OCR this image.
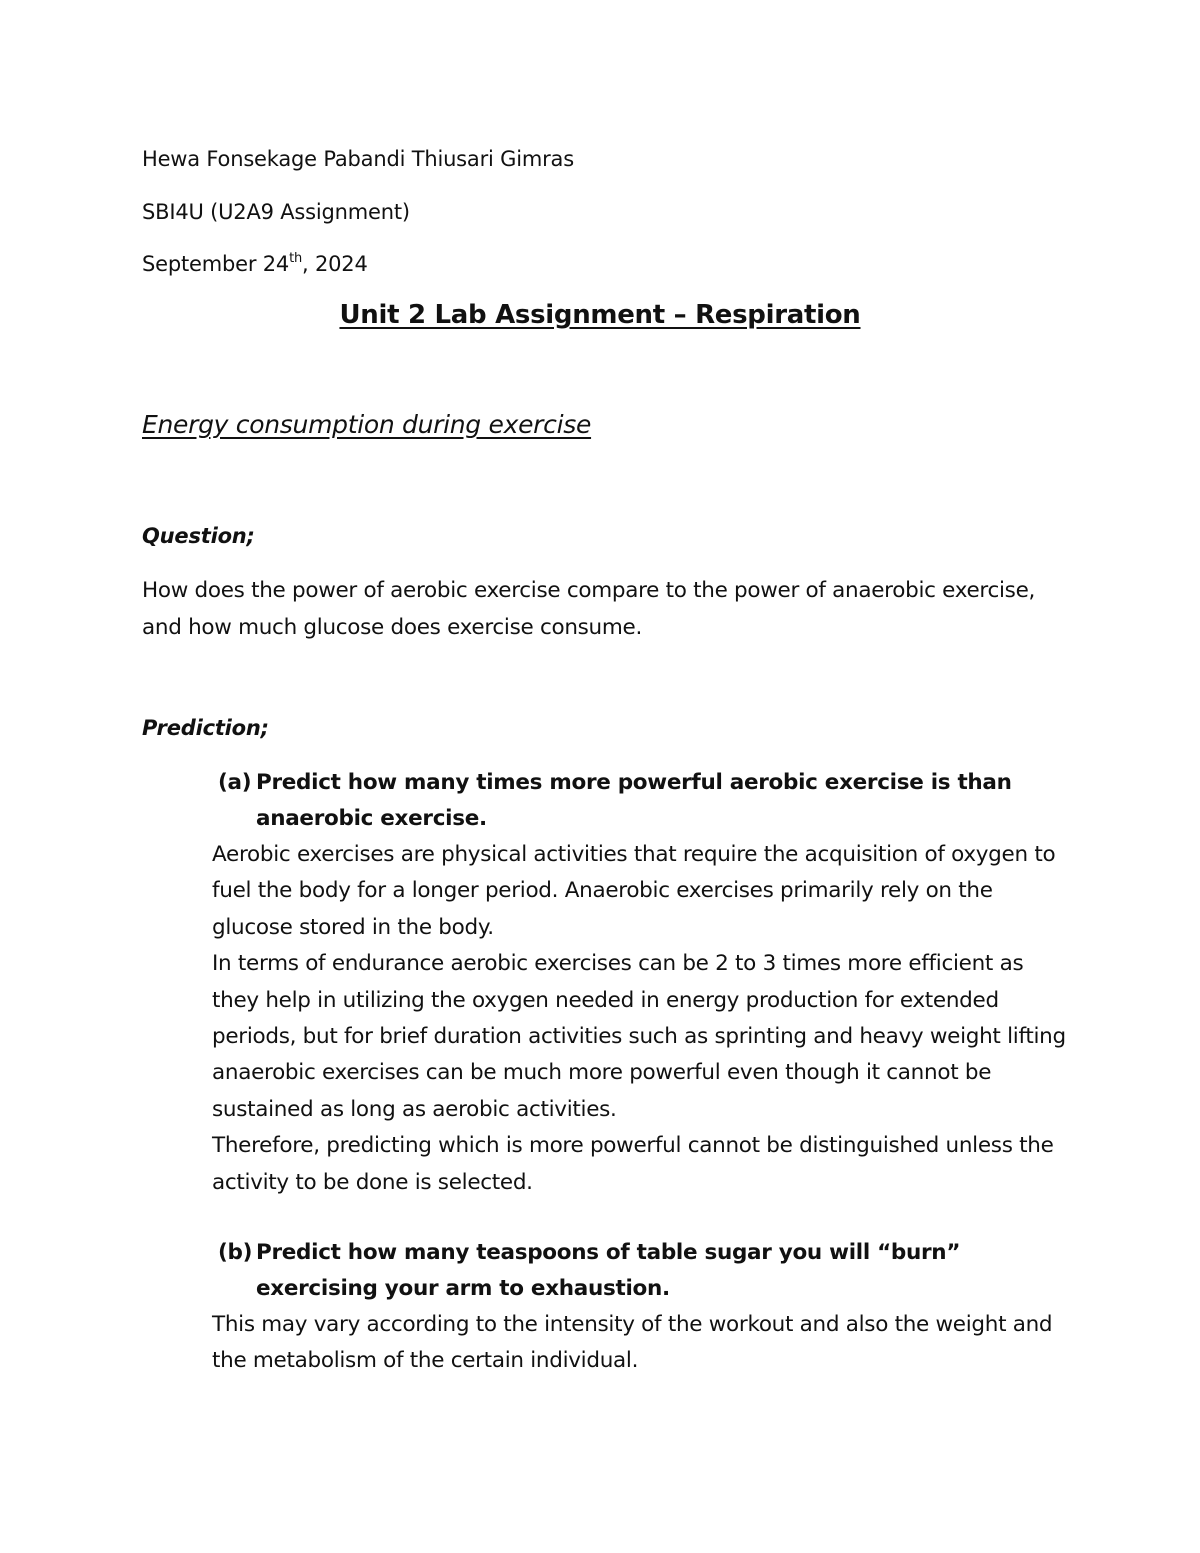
Hewa Fonsekage Pabandi Thiusari Gimras
SBI4U (U2A9 Assignment)
September 24th, 2024
Unit 2 Lab Assignment – Respiration
Energy consumption during exercise
Question;
How does the power of aerobic exercise compare to the power of anaerobic exercise, and how much glucose does exercise consume.
Prediction;
(a) Predict how many times more powerful aerobic exercise is than anaerobic exercise.

Aerobic exercises are physical activities that require the acquisition of oxygen to fuel the body for a longer period. Anaerobic exercises primarily rely on the glucose stored in the body.

In terms of endurance aerobic exercises can be 2 to 3 times more efficient as they help in utilizing the oxygen needed in energy production for extended periods, but for brief duration activities such as sprinting and heavy weight lifting anaerobic exercises can be much more powerful even though it cannot be sustained as long as aerobic activities.

Therefore, predicting which is more powerful cannot be distinguished unless the activity to be done is selected.

(b) Predict how many teaspoons of table sugar you will “burn” exercising your arm to exhaustion.

This may vary according to the intensity of the workout and also the weight and the metabolism of the certain individual.
